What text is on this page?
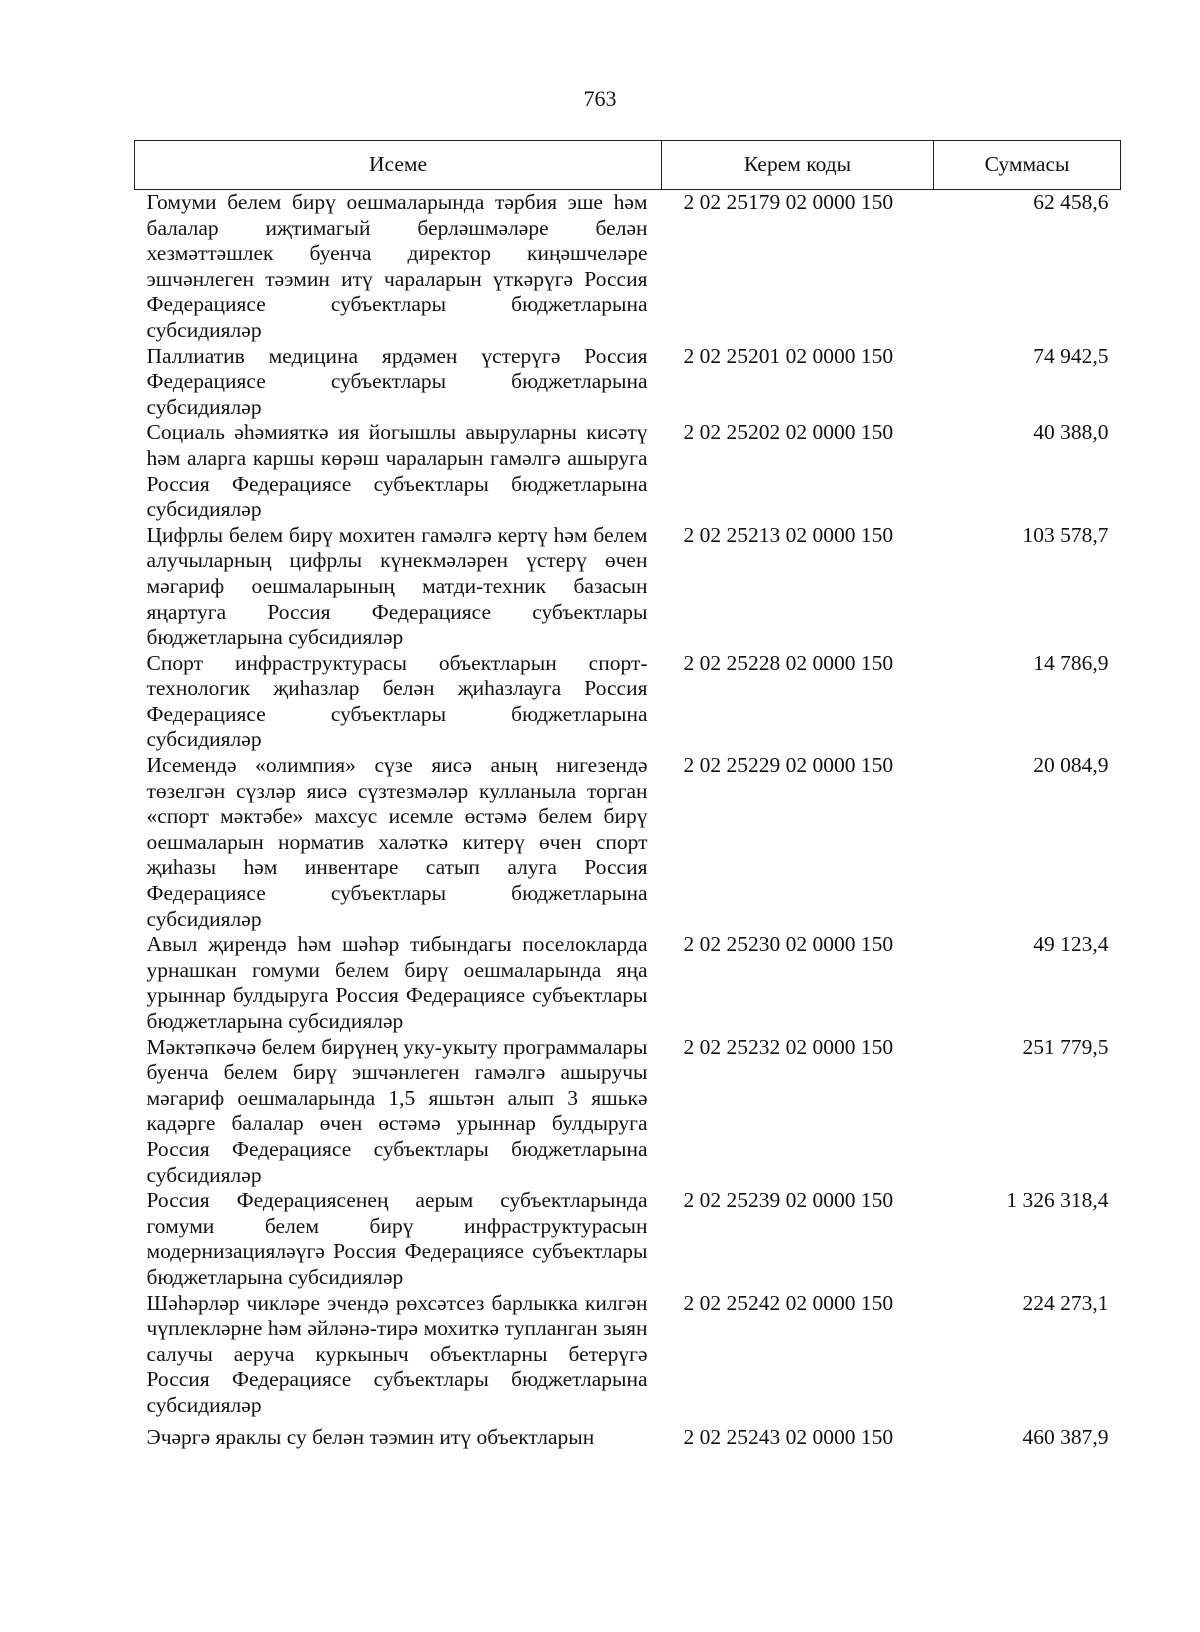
763
Исеме	Керем коды	Суммасы
Гомуми белем бирү оешмаларында тәрбия эше һәм балалар иҗтимагый берләшмәләре белән хезмәттәшлек буенча директор киңәшчеләре эшчәнлеген тәэмин итү чараларын үткәрүгә Россия Федерациясе субъектлары бюджетларына субсидияләр	2 02 25179 02 0000 150	62 458,6
Паллиатив медицина ярдәмен үстерүгә Россия Федерациясе субъектлары бюджетларына субсидияләр	2 02 25201 02 0000 150	74 942,5
Социаль әһәмияткә ия йогышлы авыруларны кисәтү һәм аларга каршы көрәш чараларын гамәлгә ашыруга Россия Федерациясе субъектлары бюджетларына субсидияләр	2 02 25202 02 0000 150	40 388,0
Цифрлы белем бирү мохитен гамәлгә кертү һәм белем алучыларның цифрлы күнекмәләрен үстерү өчен мәгариф оешмаларының матди-техник базасын яңартуга Россия Федерациясе субъектлары бюджетларына субсидияләр	2 02 25213 02 0000 150	103 578,7
Спорт инфраструктурасы объектларын спорт-технологик җиһазлар белән җиһазлауга Россия Федерациясе субъектлары бюджетларына субсидияләр	2 02 25228 02 0000 150	14 786,9
Исемендә «олимпия» сүзе яисә аның нигезендә төзелгән сүзләр яисә сүзтезмәләр кулланыла торган «спорт мәктәбе» махсус исемле өстәмә белем бирү оешмаларын норматив халәткә китерү өчен спорт җиһазы һәм инвентаре сатып алуга Россия Федерациясе субъектлары бюджетларына субсидияләр	2 02 25229 02 0000 150	20 084,9
Авыл җирендә һәм шәһәр тибындагы поселокларда урнашкан гомуми белем бирү оешмаларында яңа урыннар булдыруга Россия Федерациясе субъектлары бюджетларына субсидияләр	2 02 25230 02 0000 150	49 123,4
Мәктәпкәчә белем бирүнең уку-укыту программалары буенча белем бирү эшчәнлеген гамәлгә ашыручы мәгариф оешмаларында 1,5 яшьтән алып 3 яшькә кадәрге балалар өчен өстәмә урыннар булдыруга Россия Федерациясе субъектлары бюджетларына субсидияләр	2 02 25232 02 0000 150	251 779,5
Россия Федерациясенең аерым субъектларында гомуми белем бирү инфраструктурасын модернизацияләүгә Россия Федерациясе субъектлары бюджетларына субсидияләр	2 02 25239 02 0000 150	1 326 318,4
Шәһәрләр чикләре эчендә рөхсәтсез барлыкка килгән чүплекләрне һәм әйләнә-тирә мохиткә тупланган зыян салучы аеруча куркыныч объектларны бетерүгә Россия Федерациясе субъектлары бюджетларына субсидияләр	2 02 25242 02 0000 150	224 273,1
Эчәргә яраклы су белән тәэмин итү объектларын	2 02 25243 02 0000 150	460 387,9
